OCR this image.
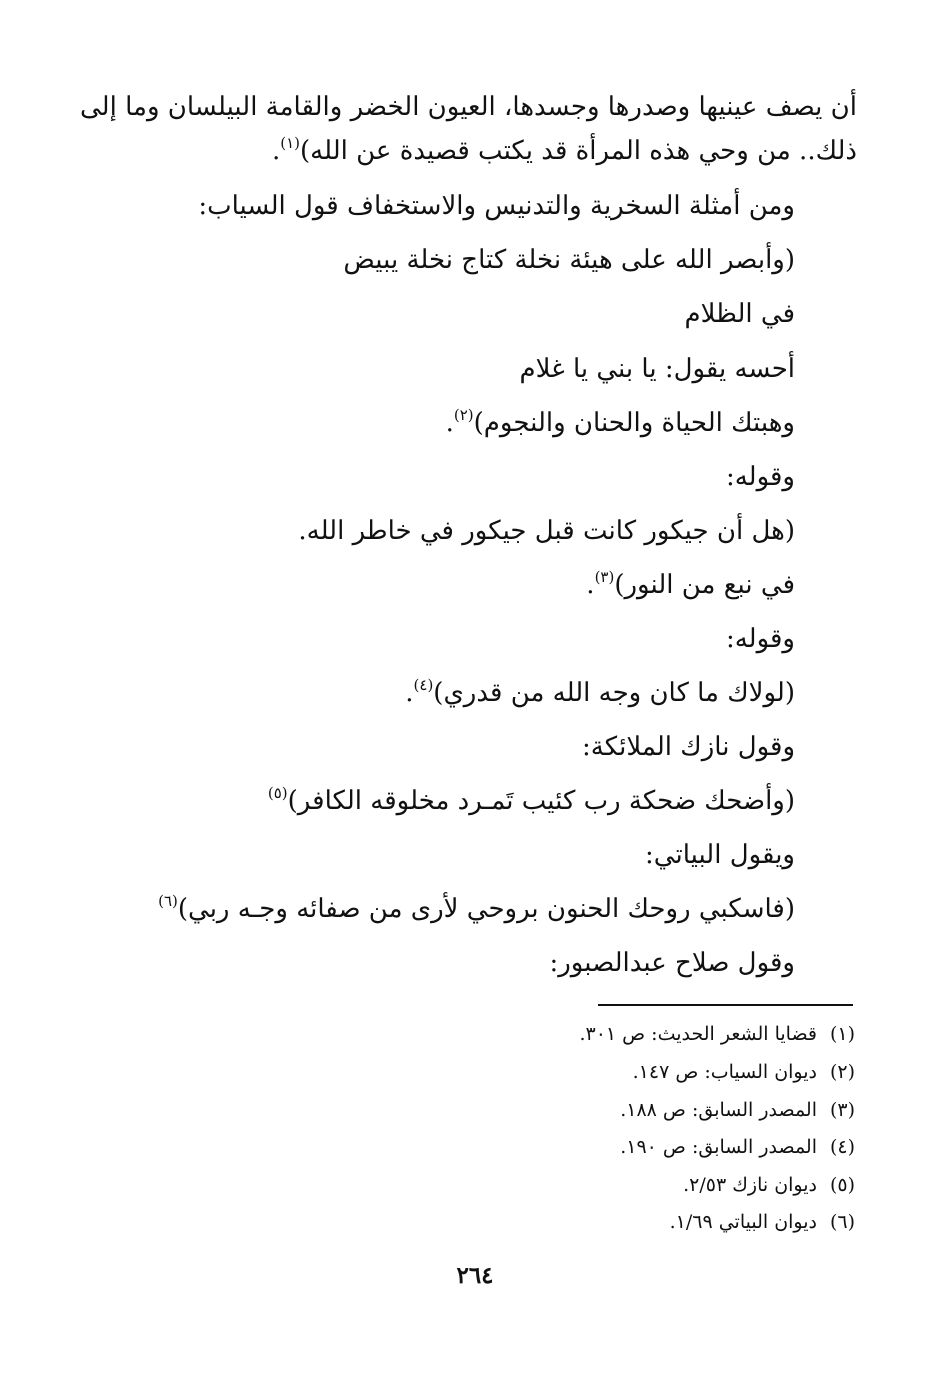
أن يصف عينيها وصدرها وجسدها، العيون الخضر والقامة البيلسان وما إلى
ذلك.. من وحي هذه المرأة قد يكتب قصيدة عن الله)$^{(١)}$.
ومن أمثلة السخرية والتدنيس والاستخفاف قول السياب:
(وأبصر الله على هيئة نخلة كتاج نخلة يبيض
في الظلام
أحسه يقول: يا بني يا غلام
وهبتك الحياة والحنان والنجوم)$^{(٢)}$.
وقوله:
(هل أن جيكور كانت قبل جيكور في خاطر الله.
في نبع من النور)$^{(٣)}$.
وقوله:
(لولاك ما كان وجه الله من قدري)$^{(٤)}$.
وقول نازك الملائكة:
(وأضحك ضحكة رب كئيب تَمـرد مخلوقه الكافر)$^{(٥)}$
ويقول البياتي:
(فاسكبي روحك الحنون بروحي لأرى من صفائه وجـه ربي)$^{(٦)}$
وقول صلاح عبدالصبور:
(١)قضايا الشعر الحديث: ص ٣٠١.
(٢)ديوان السياب: ص ١٤٧.
(٣)المصدر السابق: ص ١٨٨.
(٤)المصدر السابق: ص ١٩٠.
(٥)ديوان نازك ٢/٥٣.
(٦)ديوان البياتي ١/٦٩.
٢٦٤
